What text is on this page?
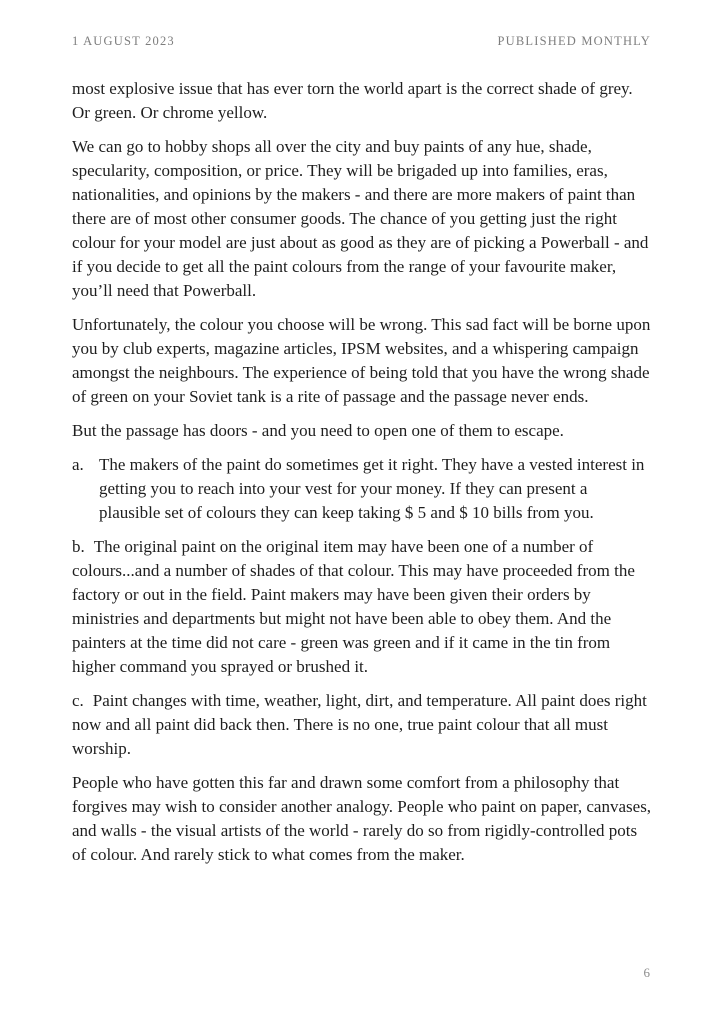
1 AUGUST 2023	PUBLISHED MONTHLY

most explosive issue that has ever torn the world apart is the correct shade of grey. Or green. Or chrome yellow.

We can go to hobby shops all over the city and buy paints of any hue, shade, specularity, composition, or price. They will be brigaded up into families, eras, nationalities, and opinions by the makers - and there are more makers of paint than there are of most other consumer goods. The chance of you getting just the right colour for your model are just about as good as they are of picking a Powerball - and if you decide to get all the paint colours from the range of your favourite maker, you’ll need that Powerball.

Unfortunately, the colour you choose will be wrong. This sad fact will be borne upon you by club experts, magazine articles, IPSM websites, and a whispering campaign amongst the neighbours. The experience of being told that you have the wrong shade of green on your Soviet tank is a rite of passage and the passage never ends.

But the passage has doors - and you need to open one of them to escape.

a. The makers of the paint do sometimes get it right. They have a vested interest in getting you to reach into your vest for your money. If they can present a plausible set of colours they can keep taking $ 5 and $ 10 bills from you.

b. The original paint on the original item may have been one of a number of colours...and a number of shades of that colour. This may have proceeded from the factory or out in the field. Paint makers may have been given their orders by ministries and departments but might not have been able to obey them. And the painters at the time did not care - green was green and if it came in the tin from higher command you sprayed or brushed it.

c. Paint changes with time, weather, light, dirt, and temperature. All paint does right now and all paint did back then. There is no one, true paint colour that all must worship.

People who have gotten this far and drawn some comfort from a philosophy that forgives may wish to consider another analogy. People who paint on paper, canvases, and walls - the visual artists of the world - rarely do so from rigidly-controlled pots of colour. And rarely stick to what comes from the maker.

6
